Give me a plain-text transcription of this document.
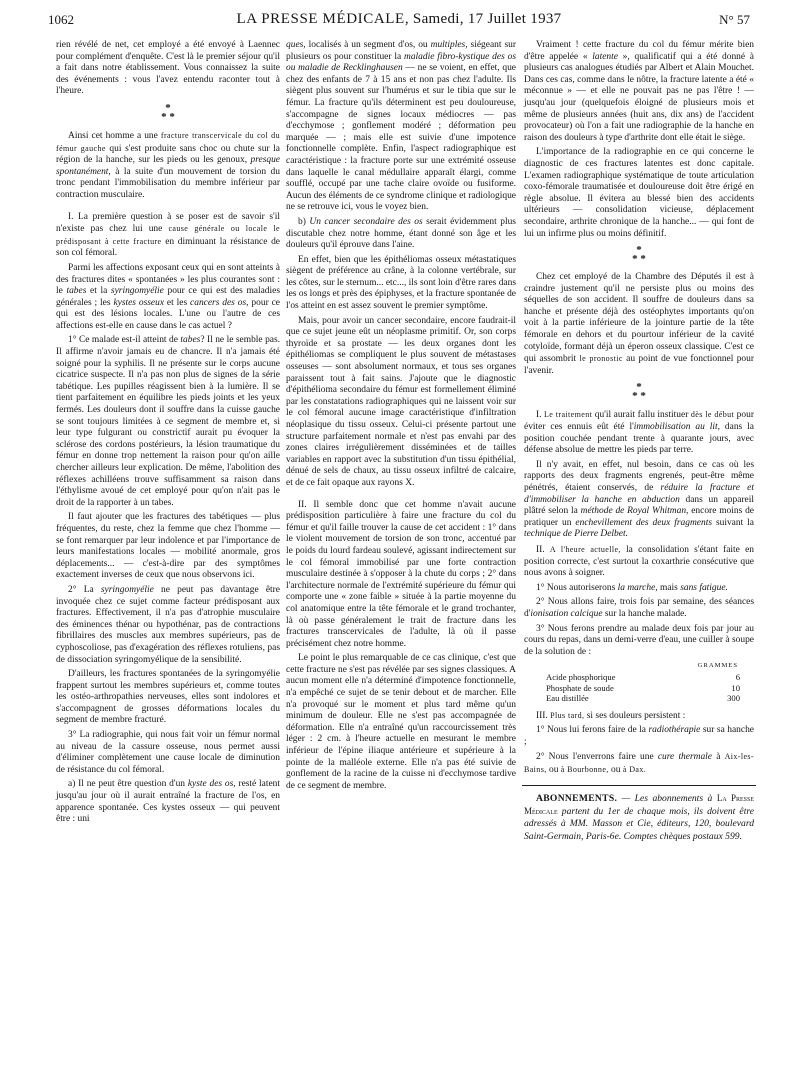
1062	LA PRESSE MÉDICALE, Samedi, 17 Juillet 1937	N° 57

rien révélé de net, cet employé a été envoyé à Laennec pour complément d'enquête. C'est là le premier séjour qu'il a fait dans notre établissement. Vous connaissez la suite des événements : vous l'avez entendu raconter tout à l'heure.

*
* *

Ainsi cet homme a une fracture transcervicale du col du fémur gauche qui s'est produite sans choc ou chute sur la région de la hanche, sur les pieds ou les genoux, presque spontanément, à la suite d'un mouvement de torsion du tronc pendant l'immobilisation du membre inférieur par contraction musculaire.

I. La première question à se poser est de savoir s'il n'existe pas chez lui une cause générale ou locale le prédisposant à cette fracture en diminuant la résistance de son col fémoral.

Parmi les affections exposant ceux qui en sont atteints à des fractures dites « spontanées » les plus courantes sont : le tabes et la syringomyélie pour ce qui est des maladies générales ; les kystes osseux et les cancers des os, pour ce qui est des lésions locales. L'une ou l'autre de ces affections est-elle en cause dans le cas actuel ?

1° Ce malade est-il atteint de tabes? Il ne le semble pas. Il affirme n'avoir jamais eu de chancre. Il n'a jamais été soigné pour la syphilis. Il ne présente sur le corps aucune cicatrice suspecte. Il n'a pas non plus de signes de la série tabétique. Les pupilles réagissent bien à la lumière. Il se tient parfaitement en équilibre les pieds joints et les yeux fermés. Les douleurs dont il souffre dans la cuisse gauche se sont toujours limitées à ce segment de membre et, si leur type fulgurant ou constrictif aurait pu évoquer la sclérose des cordons postérieurs, la lésion traumatique du fémur en donne trop nettement la raison pour qu'on aille chercher ailleurs leur explication. De même, l'abolition des réflexes achilléens trouve suffisamment sa raison dans l'éthylisme avoué de cet employé pour qu'on n'ait pas le droit de la rapporter à un tabes.

Il faut ajouter que les fractures des tabétiques — plus fréquentes, du reste, chez la femme que chez l'homme — se font remarquer par leur indolence et par l'importance de leurs manifestations locales — mobilité anormale, gros déplacements... — c'est-à-dire par des symptômes exactement inverses de ceux que nous observons ici.

2° La syringomyélie ne peut pas davantage être invoquée chez ce sujet comme facteur prédisposant aux fractures. Effectivement, il n'a pas d'atrophie musculaire des éminences thénar ou hypothénar, pas de contractions fibrillaires des muscles aux membres supérieurs, pas de cyphoscoliose, pas d'exagération des réflexes rotuliens, pas de dissociation syringomyélique de la sensibilité.

D'ailleurs, les fractures spontanées de la syringomyélie frappent surtout les membres supérieurs et, comme toutes les ostéo-arthropathies nerveuses, elles sont indolores et s'accompagnent de grosses déformations locales du segment de membre fracturé.

3° La radiographie, qui nous fait voir un fémur normal au niveau de la cassure osseuse, nous permet aussi d'éliminer complètement une cause locale de diminution de résistance du col fémoral.

a) Il ne peut être question d'un kyste des os, resté latent jusqu'au jour où il aurait entraîné la fracture de l'os, en apparence spontanée. Ces kystes osseux — qui peuvent être : uni

ques, localisés à un segment d'os, ou multiples, siégeant sur plusieurs os pour constituer la maladie fibro-kystique des os ou maladie de Recklinghausen — ne se voient, en effet, que chez des enfants de 7 à 15 ans et non pas chez l'adulte. Ils siègent plus souvent sur l'humérus et sur le tibia que sur le fémur. La fracture qu'ils déterminent est peu douloureuse, s'accompagne de signes locaux médiocres — pas d'ecchymose ; gonflement modéré ; déformation peu marquée — ; mais elle est suivie d'une impotence fonctionnelle complète. Enfin, l'aspect radiographique est caractéristique : la fracture porte sur une extrémité osseuse dans laquelle le canal médullaire apparaît élargi, comme soufflé, occupé par une tache claire ovoïde ou fusiforme. Aucun des éléments de ce syndrome clinique et radiologique ne se retrouve ici, vous le voyez bien.

b) Un cancer secondaire des os serait évidemment plus discutable chez notre homme, étant donné son âge et les douleurs qu'il éprouve dans l'aine.

En effet, bien que les épithéliomas osseux métastatiques siègent de préférence au crâne, à la colonne vertébrale, sur les côtes, sur le sternum... etc..., ils sont loin d'être rares dans les os longs et près des épiphyses, et la fracture spontanée de l'os atteint en est assez souvent le premier symptôme.

Mais, pour avoir un cancer secondaire, encore faudrait-il que ce sujet jeune eût un néoplasme primitif. Or, son corps thyroïde et sa prostate — les deux organes dont les épithéliomas se compliquent le plus souvent de métastases osseuses — sont absolument normaux, et tous ses organes paraissent tout à fait sains. J'ajoute que le diagnostic d'épithélioma secondaire du fémur est formellement éliminé par les constatations radiographiques qui ne laissent voir sur le col fémoral aucune image caractéristique d'infiltration néoplasique du tissu osseux. Celui-ci présente partout une structure parfaitement normale et n'est pas envahi par des zones claires irrégulièrement disséminées et de tailles variables en rapport avec la substitution d'un tissu épithélial, dénué de sels de chaux, au tissu osseux infiltré de calcaire, et de ce fait opaque aux rayons X.

II. Il semble donc que cet homme n'avait aucune prédisposition particulière à faire une fracture du col du fémur et qu'il faille trouver la cause de cet accident : 1° dans le violent mouvement de torsion de son tronc, accentué par le poids du lourd fardeau soulevé, agissant indirectement sur le col fémoral immobilisé par une forte contraction musculaire destinée à s'opposer à la chute du corps ; 2° dans l'architecture normale de l'extrémité supérieure du fémur qui comporte une « zone faible » située à la partie moyenne du col anatomique entre la tête fémorale et le grand trochanter, là où passe généralement le trait de fracture dans les fractures transcervicales de l'adulte, là où il passe précisément chez notre homme.

Le point le plus remarquable de ce cas clinique, c'est que cette fracture ne s'est pas révélée par ses signes classiques. A aucun moment elle n'a déterminé d'impotence fonctionnelle, n'a empêché ce sujet de se tenir debout et de marcher. Elle n'a provoqué sur le moment et plus tard même qu'un minimum de douleur. Elle ne s'est pas accompagnée de déformation. Elle n'a entraîné qu'un raccourcissement très léger : 2 cm. à l'heure actuelle en mesurant le membre inférieur de l'épine iliaque antérieure et supérieure à la pointe de la malléole externe. Elle n'a pas été suivie de gonflement de la racine de la cuisse ni d'ecchymose tardive de ce segment de membre.

Vraiment ! cette fracture du col du fémur mérite bien d'être appelée « latente », qualificatif qui a été donné à plusieurs cas analogues étudiés par Albert et Alain Mouchet. Dans ces cas, comme dans le nôtre, la fracture latente a été « méconnue » — et elle ne pouvait pas ne pas l'être ! — jusqu'au jour (quelquefois éloigné de plusieurs mois et même de plusieurs années (huit ans, dix ans) de l'accident provocateur) où l'on a fait une radiographie de la hanche en raison des douleurs à type d'arthrite dont elle était le siège.

L'importance de la radiographie en ce qui concerne le diagnostic de ces fractures latentes est donc capitale. L'examen radiographique systématique de toute articulation coxo-fémorale traumatisée et douloureuse doit être érigé en règle absolue. Il évitera au blessé bien des accidents ultérieurs — consolidation vicieuse, déplacement secondaire, arthrite chronique de la hanche... — qui font de lui un infirme plus ou moins définitif.

*
* *

Chez cet employé de la Chambre des Députés il est à craindre justement qu'il ne persiste plus ou moins des séquelles de son accident. Il souffre de douleurs dans sa hanche et présente déjà des ostéophytes importants qu'on voit à la partie inférieure de la jointure partie de la tête fémorale en dehors et du pourtour inférieur de la cavité cotyloïde, formant déjà un éperon osseux classique. C'est ce qui assombrit le pronostic au point de vue fonctionnel pour l'avenir.

*
* *

I. Le traitement qu'il aurait fallu instituer dès le début pour éviter ces ennuis eût été l'immobilisation au lit, dans la position couchée pendant trente à quarante jours, avec défense absolue de mettre les pieds par terre.

Il n'y avait, en effet, nul besoin, dans ce cas où les rapports des deux fragments engrenés, peut-être même pénétrés, étaient conservés, de réduire la fracture et d'immobiliser la hanche en abduction dans un appareil plâtré selon la méthode de Royal Whitman, encore moins de pratiquer un enchevillement des deux fragments suivant la technique de Pierre Delbet.

II. A l'heure actuelle, la consolidation s'étant faite en position correcte, c'est surtout la coxarthrie consécutive que nous avons à soigner.

1° Nous autoriserons la marche, mais sans fatigue.

2° Nous allons faire, trois fois par semaine, des séances d'ionisation calcique sur la hanche malade.

3° Nous ferons prendre au malade deux fois par jour au cours du repas, dans un demi-verre d'eau, une cuiller à soupe de la solution de :

GRAMMES
Acide phosphorique	6
Phosphate de soude	10
Eau distillée	300

III. Plus tard, si ses douleurs persistent :

1° Nous lui ferons faire de la radiothérapie sur sa hanche ;

2° Nous l'enverrons faire une cure thermale à Aix-les-Bains, ou à Bourbonne, ou à Dax.

ABONNEMENTS. — Les abonnements à La Presse Médicale partent du 1er de chaque mois, ils doivent être adressés à MM. Masson et Cie, éditeurs, 120, boulevard Saint-Germain, Paris-6e. Comptes chèques postaux 599.
